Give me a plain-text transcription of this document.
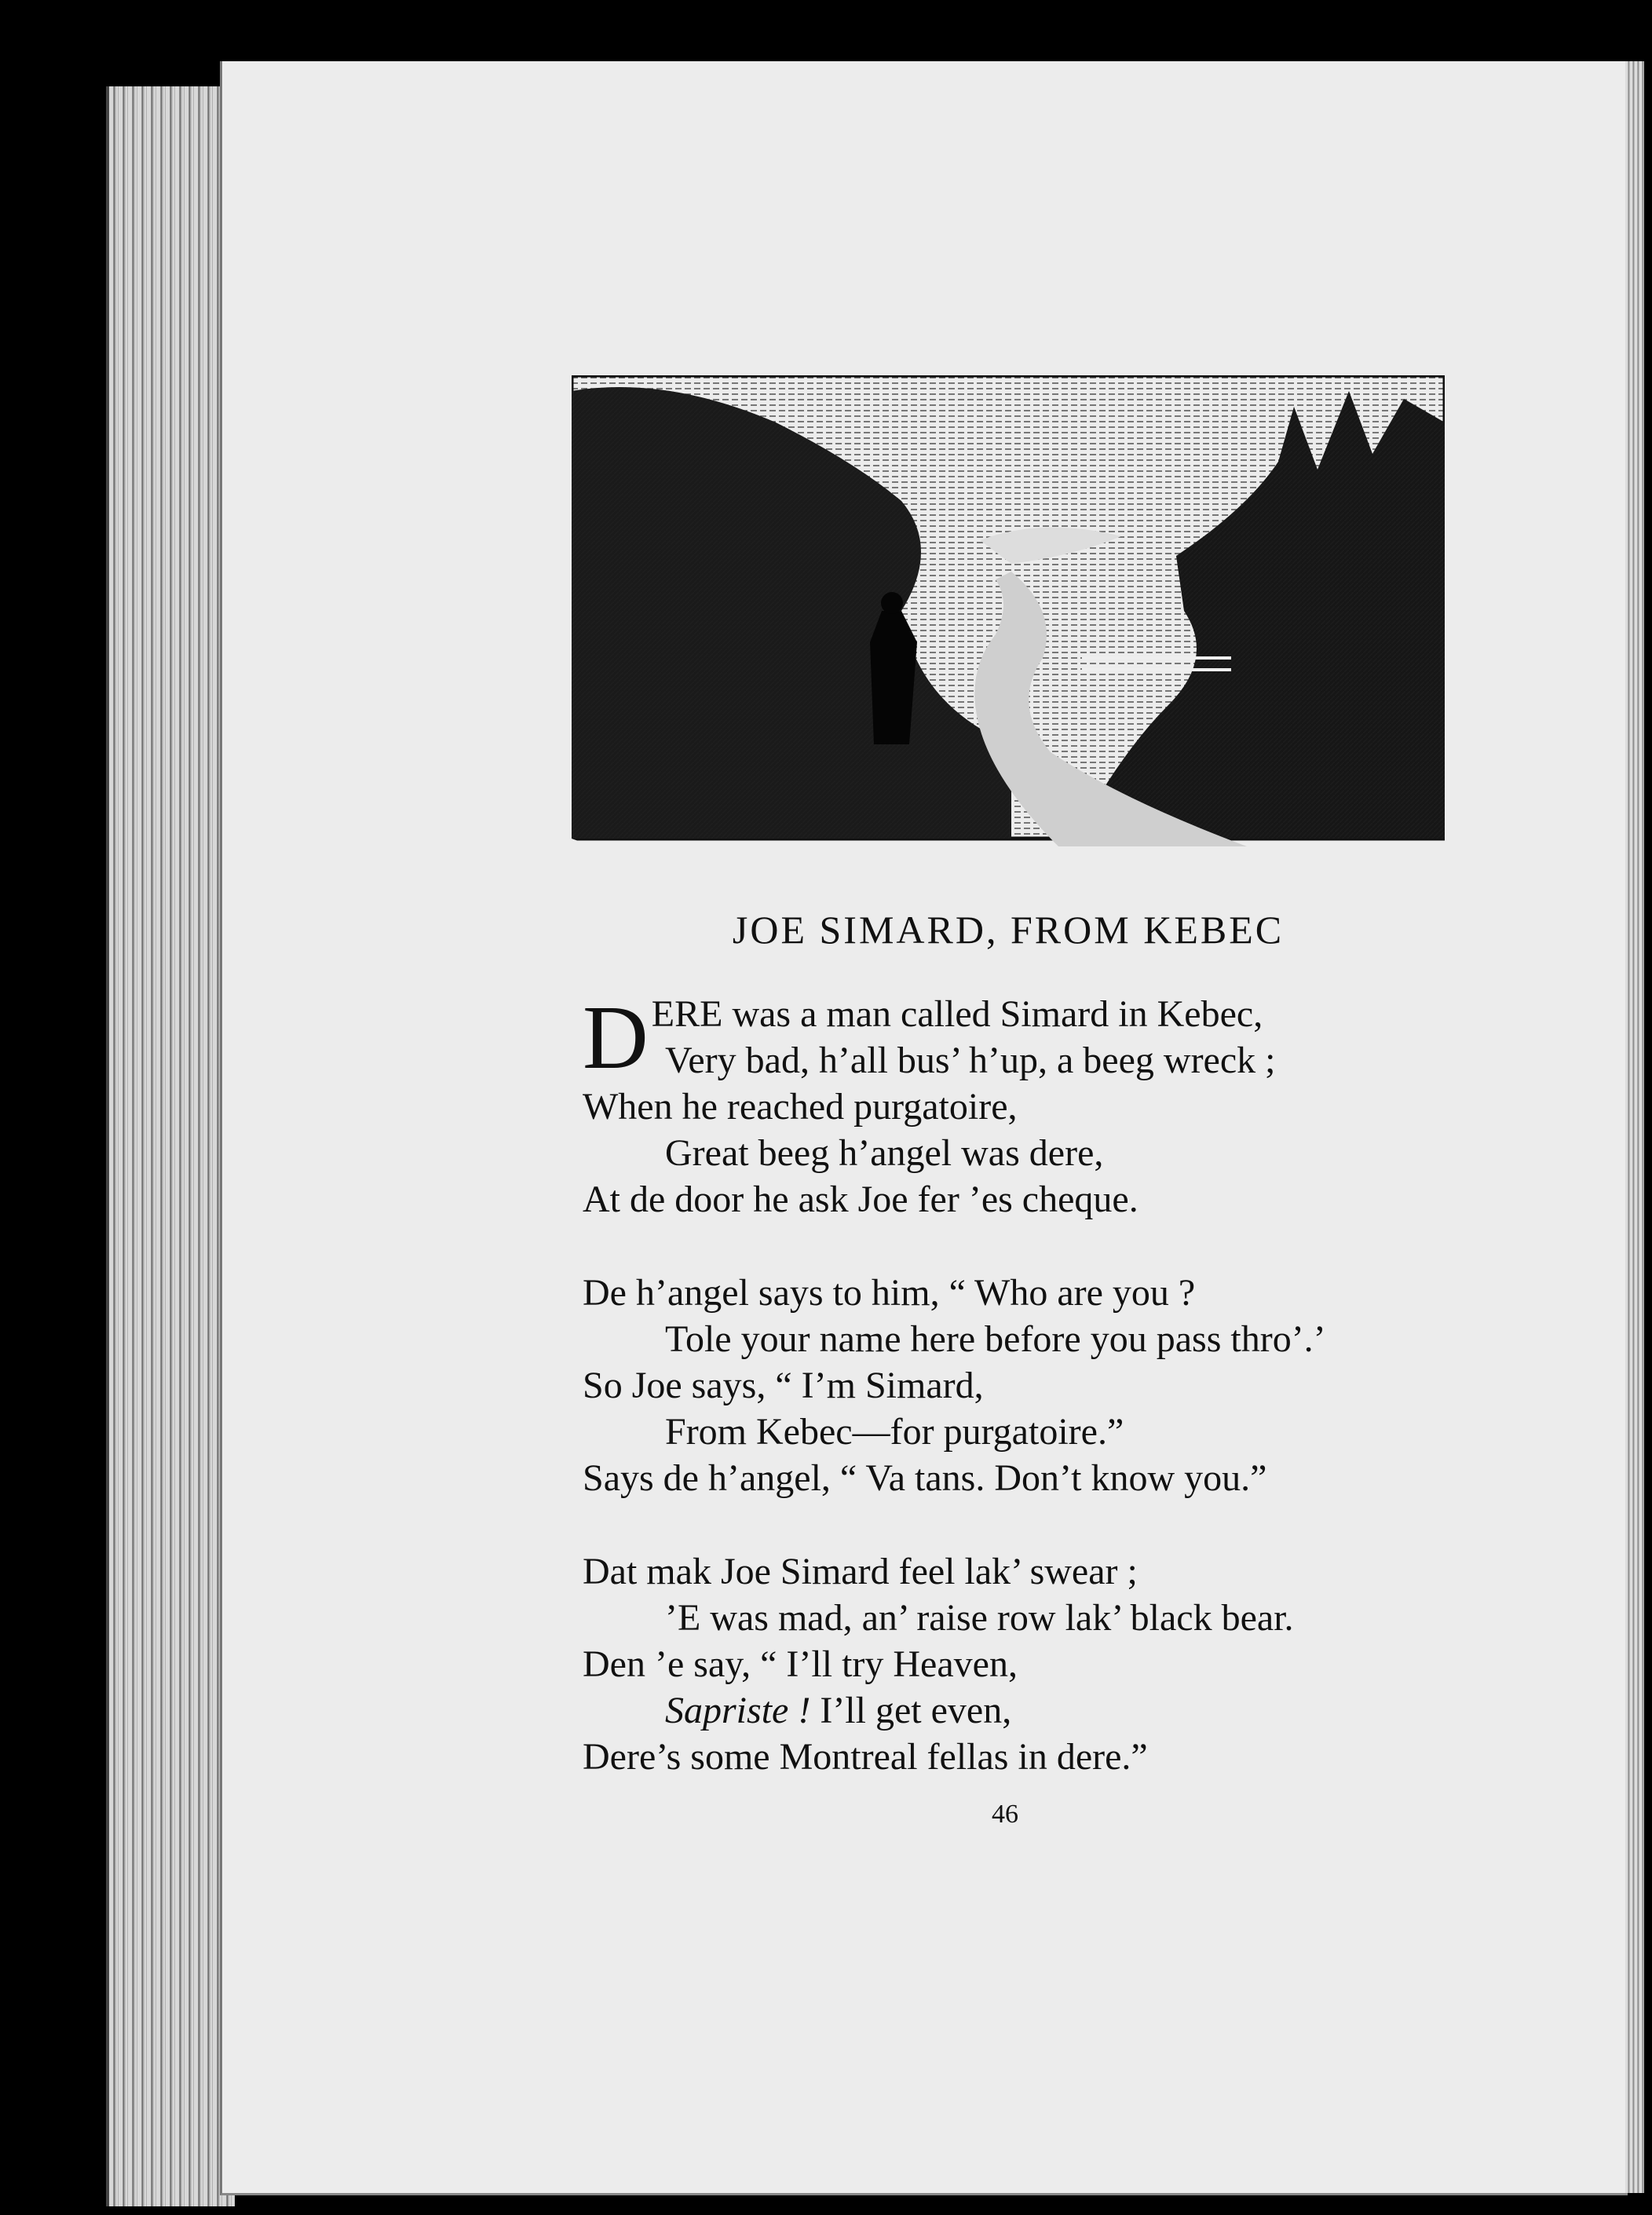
JOE SIMARD, FROM KEBEC
DERE was a man called Simard in Kebec,
Very bad, h’all bus’ h’up, a beeg wreck ;
When he reached purgatoire,
Great beeg h’angel was dere,
At de door he ask Joe fer ’es cheque.
De h’angel says to him, “ Who are you ?
Tole your name here before you pass thro’.’
So Joe says, “ I’m Simard,
From Kebec—for purgatoire.”
Says de h’angel, “ Va tans. Don’t know you.”
Dat mak Joe Simard feel lak’ swear ;
’E was mad, an’ raise row lak’ black bear.
Den ’e say, “ I’ll try Heaven,
Sapriste ! I’ll get even,
Dere’s some Montreal fellas in dere.”
46
